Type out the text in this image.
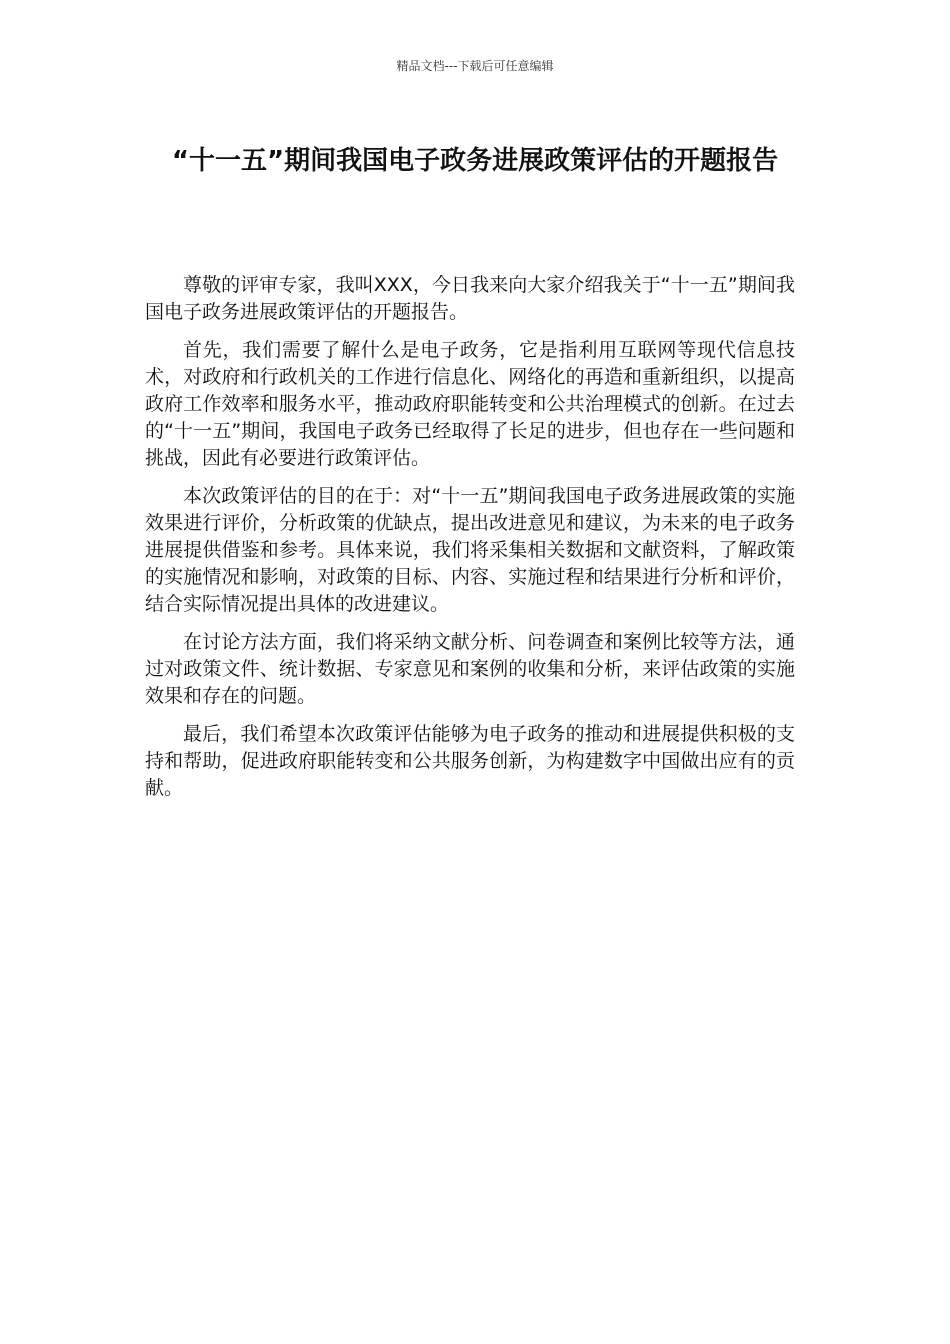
精品文档---下载后可任意编辑
“十一五”期间我国电子政务进展政策评估的开题报告

尊敬的评审专家，我叫XXX，今日我来向大家介绍我关于“十一五”期间我国电子政务进展政策评估的开题报告。

首先，我们需要了解什么是电子政务，它是指利用互联网等现代信息技术，对政府和行政机关的工作进行信息化、网络化的再造和重新组织，以提高政府工作效率和服务水平，推动政府职能转变和公共治理模式的创新。在过去的“十一五”期间，我国电子政务已经取得了长足的进步，但也存在一些问题和挑战，因此有必要进行政策评估。

本次政策评估的目的在于：对“十一五”期间我国电子政务进展政策的实施效果进行评价，分析政策的优缺点，提出改进意见和建议，为未来的电子政务进展提供借鉴和参考。具体来说，我们将采集相关数据和文献资料，了解政策的实施情况和影响，对政策的目标、内容、实施过程和结果进行分析和评价，结合实际情况提出具体的改进建议。

在讨论方法方面，我们将采纳文献分析、问卷调查和案例比较等方法，通过对政策文件、统计数据、专家意见和案例的收集和分析，来评估政策的实施效果和存在的问题。

最后，我们希望本次政策评估能够为电子政务的推动和进展提供积极的支持和帮助，促进政府职能转变和公共服务创新，为构建数字中国做出应有的贡献。
